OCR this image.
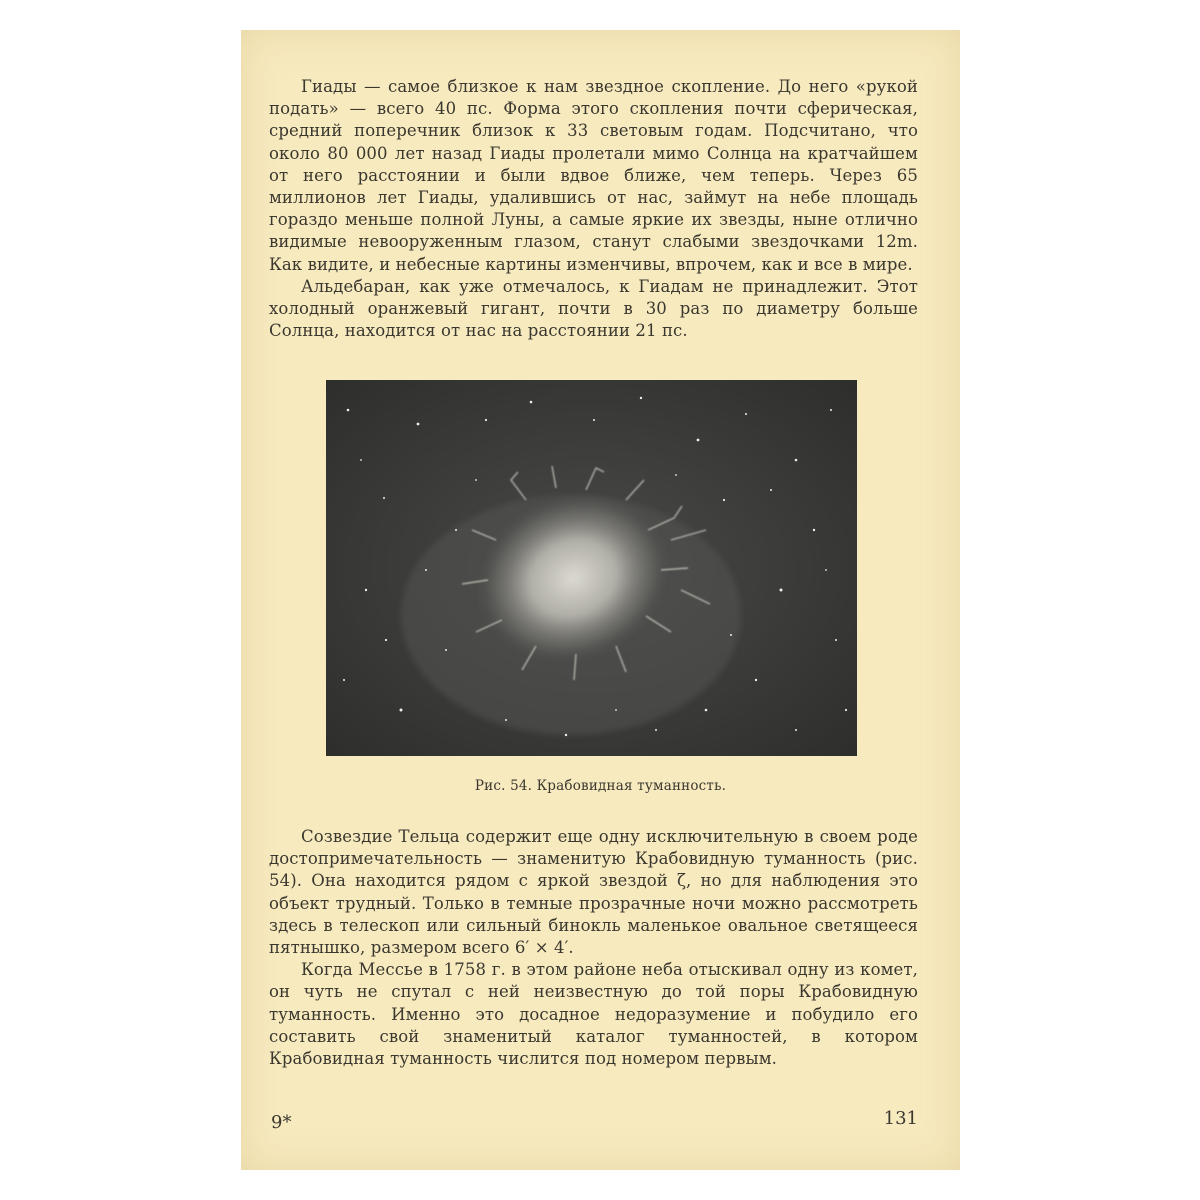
Гиады — самое близкое к нам звездное скопление. До него «рукой подать» — всего 40 пс. Форма этого скопления почти сферическая, средний поперечник близок к 33 световым годам. Подсчитано, что около 80 000 лет назад Гиады пролетали мимо Солнца на кратчайшем от него расстоянии и были вдвое ближе, чем теперь. Через 65 миллионов лет Гиады, удалившись от нас, займут на небе площадь гораздо меньше полной Луны, а самые яркие их звезды, ныне отлично видимые невооруженным глазом, станут слабыми звездочками 12m. Как видите, и небесные картины изменчивы, впрочем, как и все в мире.

Альдебаран, как уже отмечалось, к Гиадам не принадлежит. Этот холодный оранжевый гигант, почти в 30 раз по диаметру больше Солнца, находится от нас на расстоянии 21 пс.

Рис. 54. Крабовидная туманность.

Созвездие Тельца содержит еще одну исключительную в своем роде достопримечательность — знаменитую Крабовидную туманность (рис. 54). Она находится рядом с яркой звездой ζ, но для наблюдения это объект трудный. Только в темные прозрачные ночи можно рассмотреть здесь в телескоп или сильный бинокль маленькое овальное светящееся пятнышко, размером всего 6′ × 4′.

Когда Мессье в 1758 г. в этом районе неба отыскивал одну из комет, он чуть не спутал с ней неизвестную до той поры Крабовидную туманность. Именно это досадное недоразумение и побудило его составить свой знаменитый каталог туманностей, в котором Крабовидная туманность числится под номером первым.

9*	131
